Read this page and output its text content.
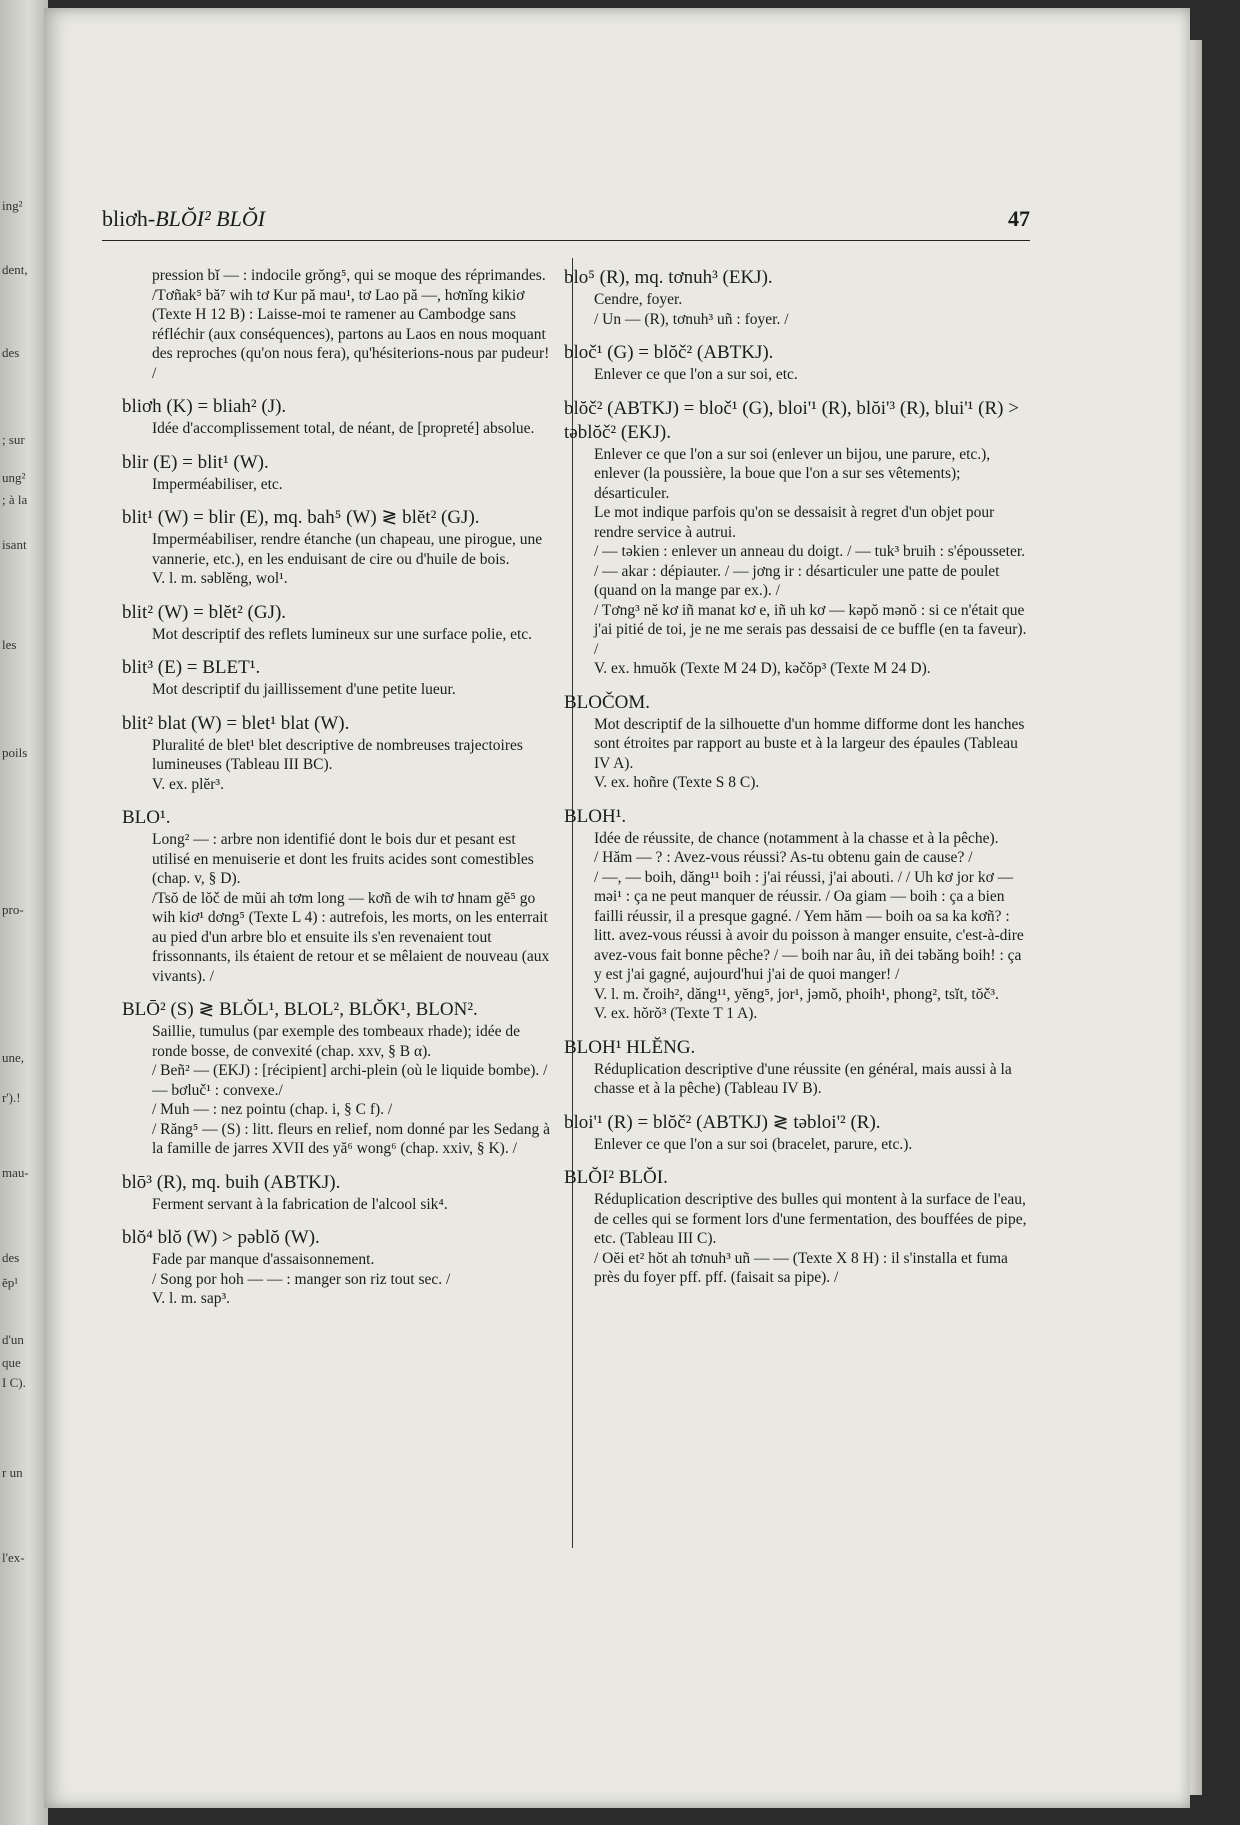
ing²
dent,
des
; sur
ung²
; à la
isant
les
poils
pro-
une,
r').!
mau-
des
ĕp¹
d'un
que
I C).
r un
l'ex-
bliơh-BLŎI² BLŎI	47
pression bĭ — : indocile grŏng⁵, qui se moque des réprimandes.
/Tơñak⁵ bă⁷ wih tơ Kur pă mau¹, tơ Lao pă —, hơnĭng kikiơ (Texte H 12 B) : Laisse-moi te ramener au Cambodge sans réfléchir (aux conséquences), partons au Laos en nous moquant des reproches (qu'on nous fera), qu'hésiterions-nous par pudeur! /
bliơh (K) = bliah² (J).
Idée d'accomplissement total, de néant, de [propreté] absolue.
blir (E) = blit¹ (W).
Imperméabiliser, etc.
blit¹ (W) = blir (E), mq. bah⁵ (W) ≷ blĕt² (GJ).
Imperméabiliser, rendre étanche (un chapeau, une pirogue, une vannerie, etc.), en les enduisant de cire ou d'huile de bois.
V. l. m. səblĕng, wol¹.
blit² (W) = blĕt² (GJ).
Mot descriptif des reflets lumineux sur une surface polie, etc.
blit³ (E) = BLET¹.
Mot descriptif du jaillissement d'une petite lueur.
blit² blat (W) = blet¹ blat (W).
Pluralité de blet¹ blet descriptive de nombreuses trajectoires lumineuses (Tableau III BC).
V. ex. plĕr³.
BLO¹.
Long² — : arbre non identifié dont le bois dur et pesant est utilisé en menuiserie et dont les fruits acides sont comestibles (chap. v, § D).
/Tsŏ de lŏč de mŭi ah tơm long — kơñ de wih tơ hnam gĕ⁵ go wih kiơ¹ dơng⁵ (Texte L 4) : autrefois, les morts, on les enterrait au pied d'un arbre blo et ensuite ils s'en revenaient tout frissonnants, ils étaient de retour et se mêlaient de nouveau (aux vivants). /
BLŌ² (S) ≷ BLŎL¹, BLOL², BLŎK¹, BLON².
Saillie, tumulus (par exemple des tombeaux rhade); idée de ronde bosse, de convexité (chap. xxv, § B α).
/ Beñ² — (EKJ) : [récipient] archi-plein (où le liquide bombe). / — bơluč¹ : convexe./
/ Muh — : nez pointu (chap. i, § C f). /
/ Răng⁵ — (S) : litt. fleurs en relief, nom donné par les Sedang à la famille de jarres XVII des yă⁶ wong⁶ (chap. xxiv, § K). /
blō³ (R), mq. buih (ABTKJ).
Ferment servant à la fabrication de l'alcool sik⁴.
blŏ⁴ blŏ (W) > pəblŏ (W).
Fade par manque d'assaisonnement.
/ Song por hoh — — : manger son riz tout sec. /
V. l. m. sap³.
blo⁵ (R), mq. tơnuh³ (EKJ).
Cendre, foyer.
/ Un — (R), tơnuh³ uñ : foyer. /
bloč¹ (G) = blŏč² (ABTKJ).
Enlever ce que l'on a sur soi, etc.
blŏč² (ABTKJ) = bloč¹ (G), bloi'¹ (R), blŏi'³ (R), blui'¹ (R) > təblŏč² (EKJ).
Enlever ce que l'on a sur soi (enlever un bijou, une parure, etc.), enlever (la poussière, la boue que l'on a sur ses vêtements); désarticuler.
Le mot indique parfois qu'on se dessaisit à regret d'un objet pour rendre service à autrui.
/ — təkien : enlever un anneau du doigt. / — tuk³ bruih : s'épousseter. / — akar : dépiauter. / — jơng ir : désarticuler une patte de poulet (quand on la mange par ex.). /
/ Tơng³ nĕ kơ iñ manat kơ e, iñ uh kơ — kəpŏ mənŏ : si ce n'était que j'ai pitié de toi, je ne me serais pas dessaisi de ce buffle (en ta faveur). /
V. ex. hmuŏk (Texte M 24 D), kəčŏp³ (Texte M 24 D).
BLOČOM.
Mot descriptif de la silhouette d'un homme difforme dont les hanches sont étroites par rapport au buste et à la largeur des épaules (Tableau IV A).
V. ex. hoñre (Texte S 8 C).
BLOH¹.
Idée de réussite, de chance (notamment à la chasse et à la pêche).
/ Hăm — ? : Avez-vous réussi? As-tu obtenu gain de cause? /
/ —, — boih, dăng¹¹ boih : j'ai réussi, j'ai abouti. / / Uh kơ jor kơ — məi¹ : ça ne peut manquer de réussir. / Oa giam — boih : ça a bien failli réussir, il a presque gagné. / Yem hăm — boih oa sa ka kơñ? : litt. avez-vous réussi à avoir du poisson à manger ensuite, c'est-à-dire avez-vous fait bonne pêche? / — boih nar âu, iñ dei təbăng boih! : ça y est j'ai gagné, aujourd'hui j'ai de quoi manger! /
V. l. m. čroih², dăng¹¹, yĕng⁵, jor¹, jəmŏ, phoih¹, phong², tsĭt, tŏč³.
V. ex. hŏrŏ³ (Texte T 1 A).
BLOH¹ HLĔNG.
Réduplication descriptive d'une réussite (en général, mais aussi à la chasse et à la pêche) (Tableau IV B).
bloi'¹ (R) = blŏč² (ABTKJ) ≷ təbloi'² (R).
Enlever ce que l'on a sur soi (bracelet, parure, etc.).
BLŎI² BLŎI.
Réduplication descriptive des bulles qui montent à la surface de l'eau, de celles qui se forment lors d'une fermentation, des bouffées de pipe, etc. (Tableau III C).
/ Oĕi et² hŏt ah tơnuh³ uñ — — (Texte X 8 H) : il s'installa et fuma près du foyer pff. pff. (faisait sa pipe). /
